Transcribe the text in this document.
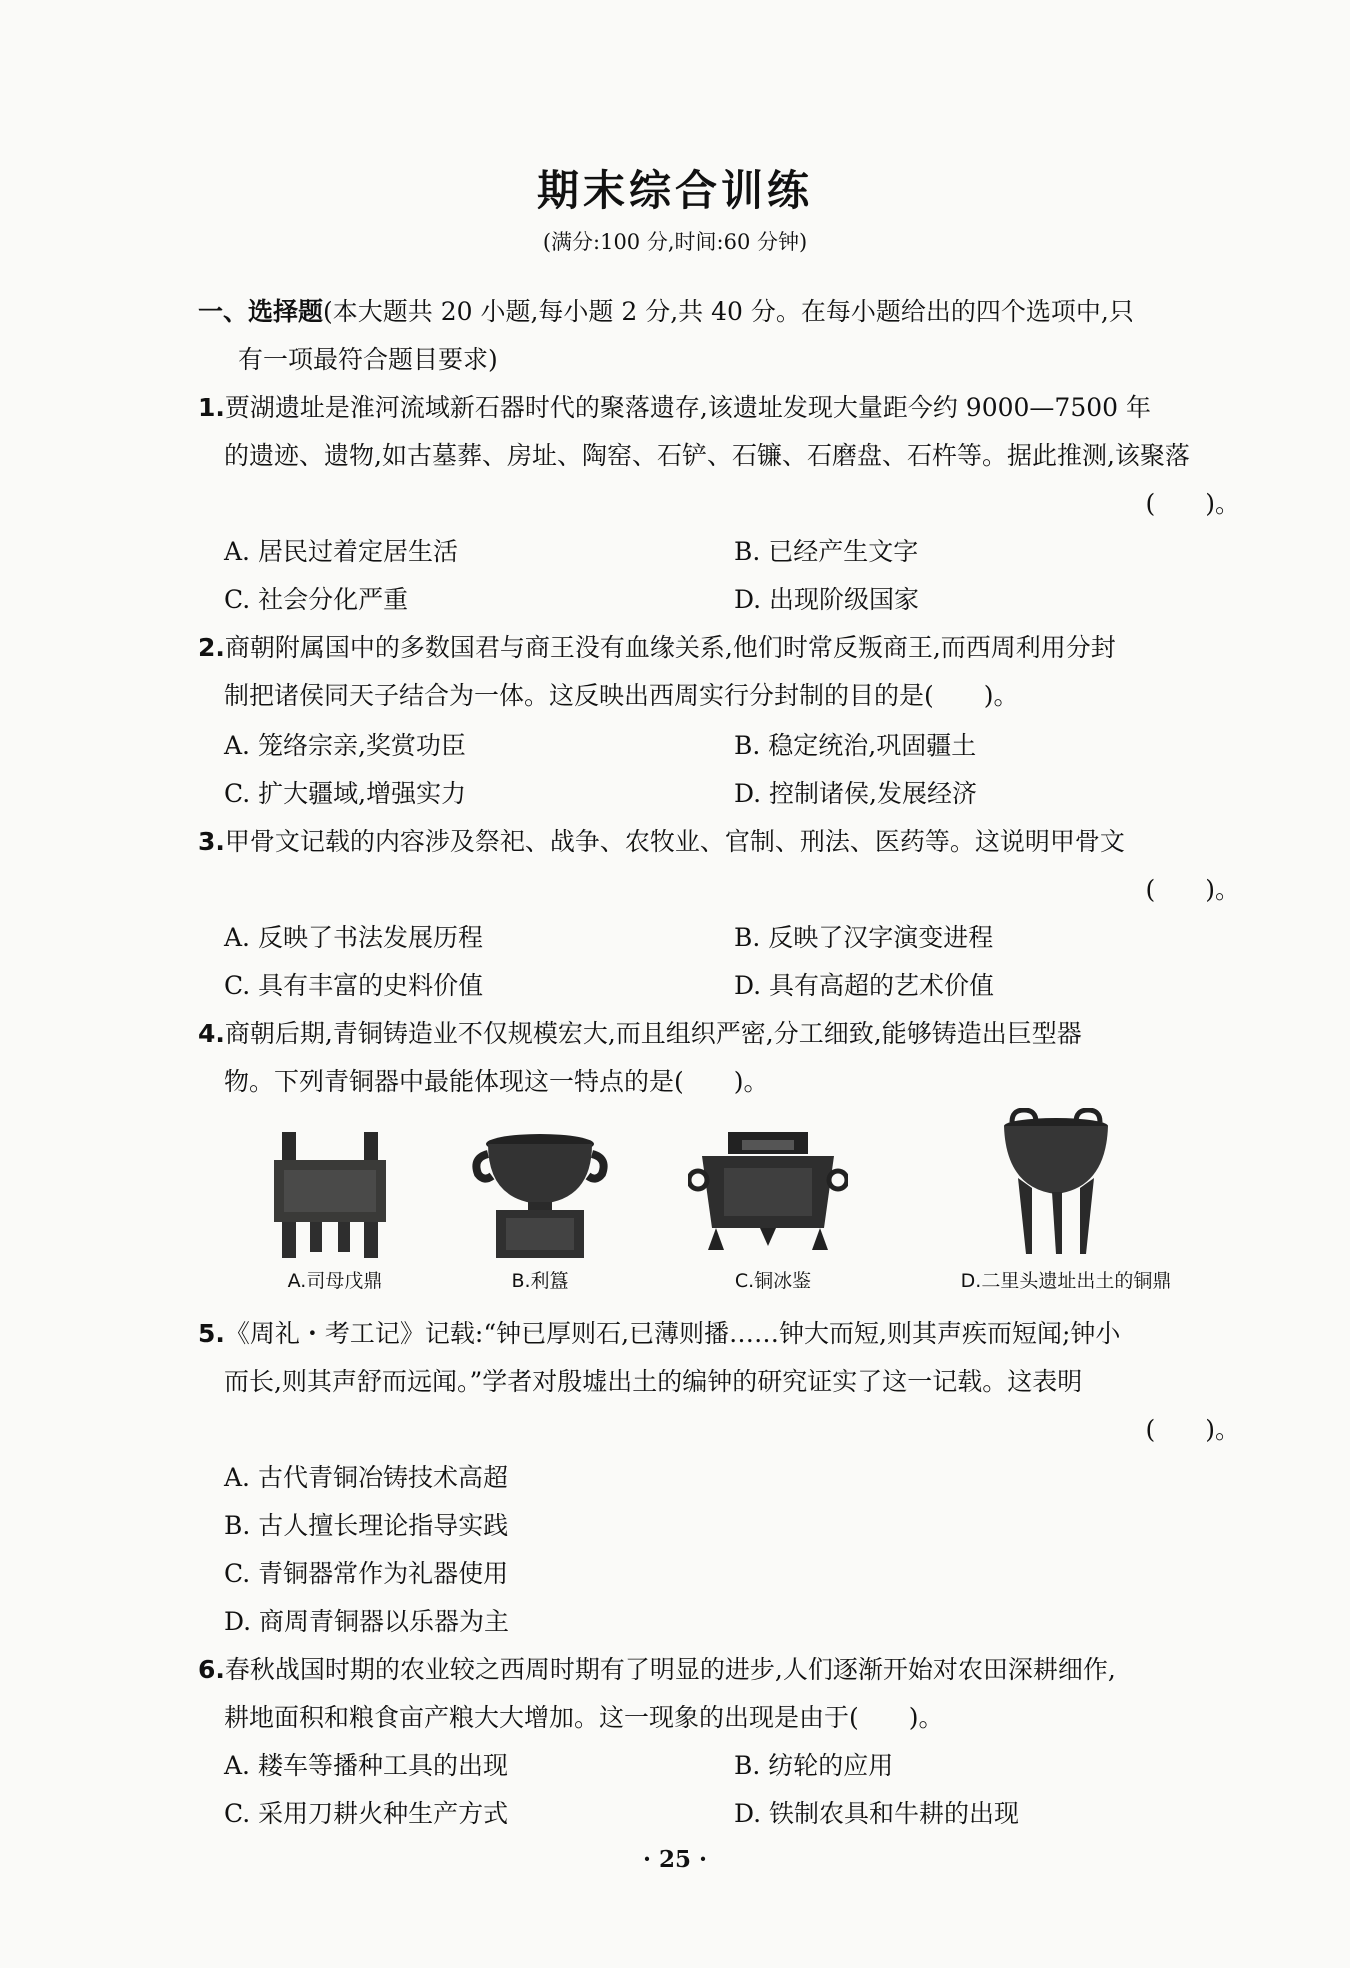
期末综合训练
(满分:100 分,时间:60 分钟)
一、选择题(本大题共 20 小题,每小题 2 分,共 40 分。在每小题给出的四个选项中,只
有一项最符合题目要求)
1.贾湖遗址是淮河流域新石器时代的聚落遗存,该遗址发现大量距今约 9000—7500 年
的遗迹、遗物,如古墓葬、房址、陶窑、石铲、石镰、石磨盘、石杵等。据此推测,该聚落
(　　)。
A. 居民过着定居生活	B. 已经产生文字
C. 社会分化严重	D. 出现阶级国家
2.商朝附属国中的多数国君与商王没有血缘关系,他们时常反叛商王,而西周利用分封
制把诸侯同天子结合为一体。这反映出西周实行分封制的目的是(　　)。
A. 笼络宗亲,奖赏功臣	B. 稳定统治,巩固疆土
C. 扩大疆域,增强实力	D. 控制诸侯,发展经济
3.甲骨文记载的内容涉及祭祀、战争、农牧业、官制、刑法、医药等。这说明甲骨文
(　　)。
A. 反映了书法发展历程	B. 反映了汉字演变进程
C. 具有丰富的史料价值	D. 具有高超的艺术价值
4.商朝后期,青铜铸造业不仅规模宏大,而且组织严密,分工细致,能够铸造出巨型器
物。下列青铜器中最能体现这一特点的是(　　)。
A.司母戊鼎	B.利簋	C.铜冰鉴	D.二里头遗址出土的铜鼎
5.《周礼・考工记》记载:“钟已厚则石,已薄则播……钟大而短,则其声疾而短闻;钟小
而长,则其声舒而远闻。”学者对殷墟出土的编钟的研究证实了这一记载。这表明
(　　)。
A. 古代青铜冶铸技术高超
B. 古人擅长理论指导实践
C. 青铜器常作为礼器使用
D. 商周青铜器以乐器为主
6.春秋战国时期的农业较之西周时期有了明显的进步,人们逐渐开始对农田深耕细作,
耕地面积和粮食亩产粮大大增加。这一现象的出现是由于(　　)。
A. 耧车等播种工具的出现	B. 纺轮的应用
C. 采用刀耕火种生产方式	D. 铁制农具和牛耕的出现
· 25 ·
